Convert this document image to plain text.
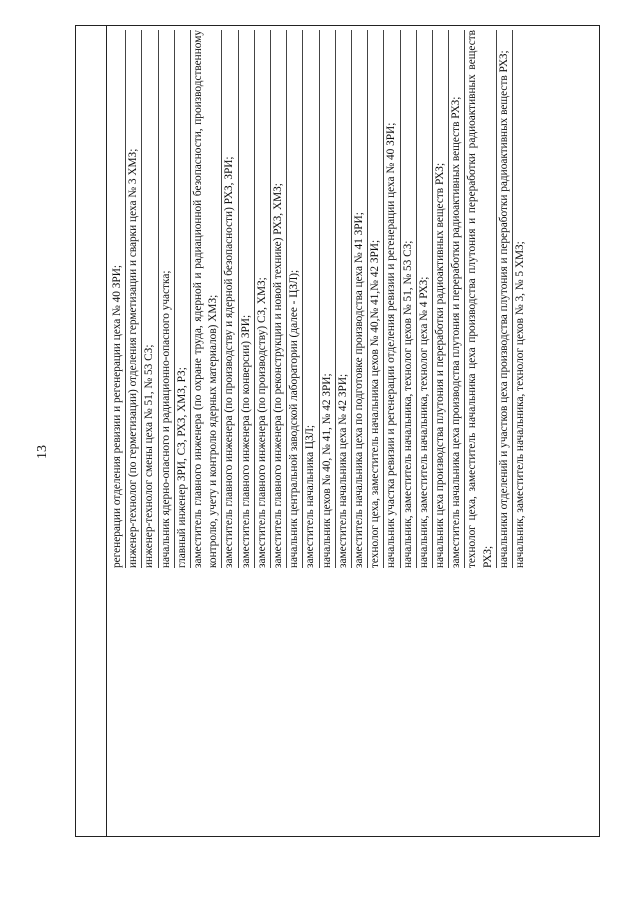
13	регенерации отделения ревизии и регенерации цеха № 40 ЗРИ; инженер-технолог (по герметизации) отделения герметизации и сварки цеха № 3 ХМЗ; инженер-технолог смены цеха № 51, № 53 СЗ; начальник ядерно-опасного и радиационно-опасного участка; главный инженер ЗРИ, СЗ, РХЗ, ХМЗ, РЗ; заместитель главного инженера (по охране труда, ядерной и радиационной безопасности, производственному контролю, учету и контролю ядерных материалов) ХМЗ; заместитель главного инженера (по производству и ядерной безопасности) РХЗ, ЗРИ; заместитель главного инженера (по конверсии) ЗРИ; заместитель главного инженера (по производству) СЗ, ХМЗ; заместитель главного инженера (по реконструкции и новой технике) РХЗ, ХМЗ; начальник центральной заводской лаборатории (далее - ЦЗЛ); заместитель начальника ЦЗЛ; начальник цехов № 40, № 41, № 42 ЗРИ; заместитель начальника цеха № 42 ЗРИ; заместитель начальника цеха по подготовке производства цеха № 41 ЗРИ; технолог цеха, заместитель начальника цехов № 40,№ 41,№ 42 ЗРИ; начальник участка ревизии и регенерации отделения ревизии и регенерации цеха № 40 ЗРИ; начальник, заместитель начальника, технолог цехов № 51, № 53 СЗ; начальник, заместитель начальника, технолог цеха № 4 РХЗ; начальник цеха производства плутония и переработки радиоактивных веществ РХЗ; заместитель начальника цеха производства плутония и переработки радиоактивных веществ РХЗ; технолог цеха, заместитель начальника цеха производства плутония и переработки радиоактивных веществ РХЗ; начальники отделений и участков цеха производства плутония и переработки радиоактивных веществ РХЗ; начальник, заместитель начальника, технолог цехов № 3, № 5 ХМЗ;
